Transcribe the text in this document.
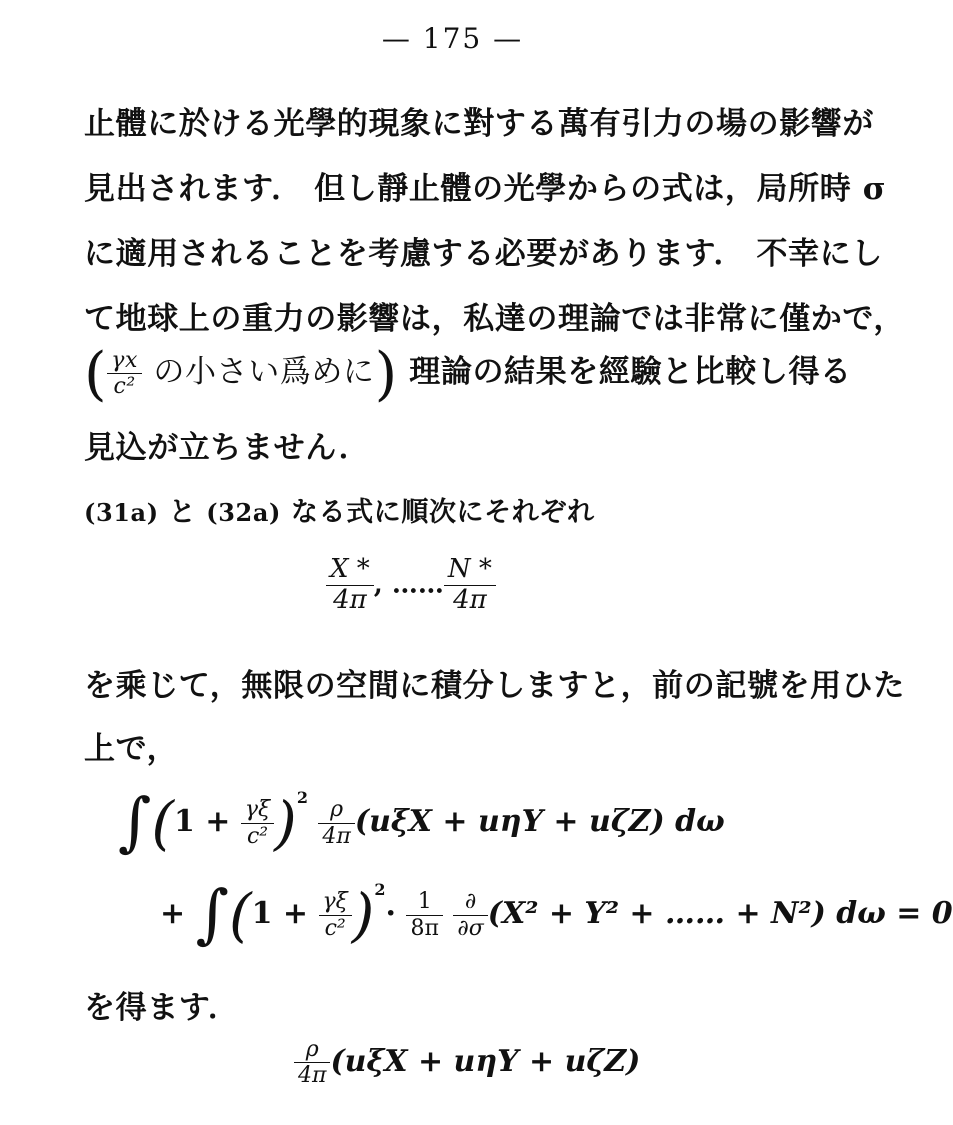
— 175 —
止體に於ける光學的現象に對する萬有引力の場の影響が
見出されます． 但し靜止體の光學からの式は，局所時 σ
に適用されることを考慮する必要があります． 不幸にし
て地球上の重力の影響は，私達の理論では非常に僅かで，
( $\frac{\gamma x}{\text{c²}}$ の小さい爲めに) 理論の結果を經驗と比較し得る
見込が立ちません．
(31a) と (32a) なる式に順次にそれぞれ
$\frac{X *}{4\pi}$ , …… $\frac{N *}{4\pi}$
を乘じて，無限の空間に積分しますと，前の記號を用ひた
上で，
$\int(1 + \frac{\gamma\xi}{\text{c²}} )^2 \frac{\rho}{4\pi} (u\xi X + u\eta Y + u\zeta Z)$ dω
+ $\int(1 + \frac{\gamma\xi}{\text{c²}} )^2\cdot \frac{1}{8\pi}$
$\frac{\partial}{\partial\sigma} (X^2 + Y^2$ + …… + N²) dω = 0
を得ます．
$\frac{\rho}{4\pi} (u\xi X + u\eta Y + u\zeta Z)$
